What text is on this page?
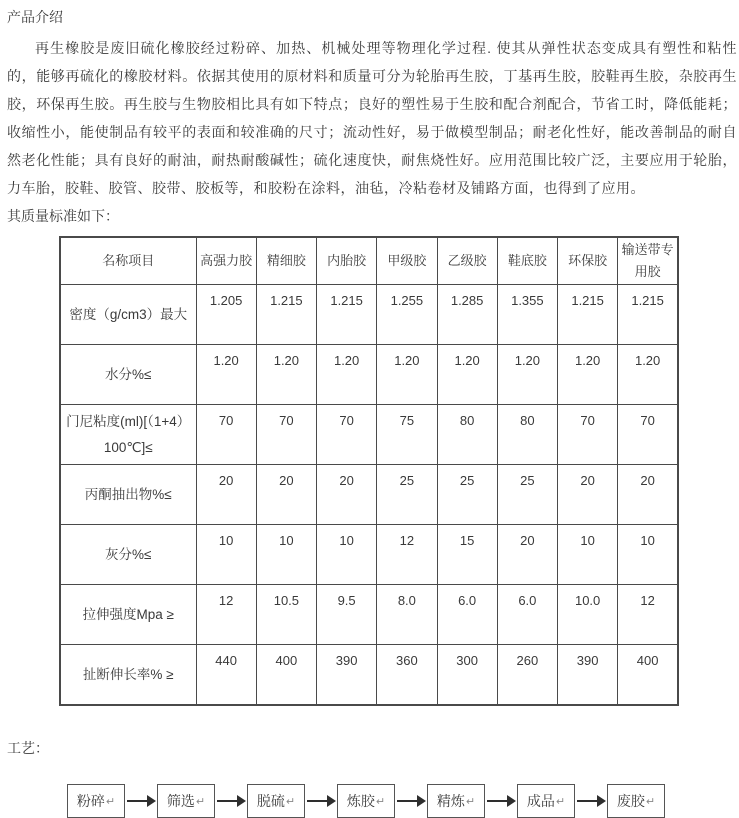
产品介绍

再生橡胶是废旧硫化橡胶经过粉碎、加热、机械处理等物理化学过程. 使其从弹性状态变成具有塑性和粘性的，能够再硫化的橡胶材料。依据其使用的原材料和质量可分为轮胎再生胶，丁基再生胶，胶鞋再生胶，杂胶再生胶，环保再生胶。再生胶与生物胶相比具有如下特点；良好的塑性易于生胶和配合剂配合，节省工时，降低能耗；收缩性小，能使制品有较平的表面和较准确的尺寸；流动性好，易于做模型制品；耐老化性好，能改善制品的耐自然老化性能；具有良好的耐油，耐热耐酸碱性；硫化速度快，耐焦烧性好。应用范围比较广泛，主要应用于轮胎，力车胎，胶鞋、胶管、胶带、胶板等，和胶粉在涂料，油毡，冷粘卷材及铺路方面，也得到了应用。

其质量标准如下：
名称项目	高强力胶	精细胶	内胎胶	甲级胶	乙级胶	鞋底胶	环保胶	输送带专用胶
密度（g/cm3）最大	1.205	1.215	1.215	1.255	1.285	1.355	1.215	1.215
水分%≤	1.20	1.20	1.20	1.20	1.20	1.20	1.20	1.20
门尼粘度(ml)[（1+4）100℃]≤	70	70	70	75	80	80	70	70
丙酮抽出物%≤	20	20	20	25	25	25	20	20
灰分%≤	10	10	10	12	15	20	10	10
拉伸强度Mpa ≥	12	10.5	9.5	8.0	6.0	6.0	10.0	12
扯断伸长率% ≥	440	400	390	360	300	260	390	400
工艺：
粉碎 ↵	筛选 ↵	脱硫 ↵	炼胶 ↵	精炼 ↵	成品 ↵	废胶 ↵
